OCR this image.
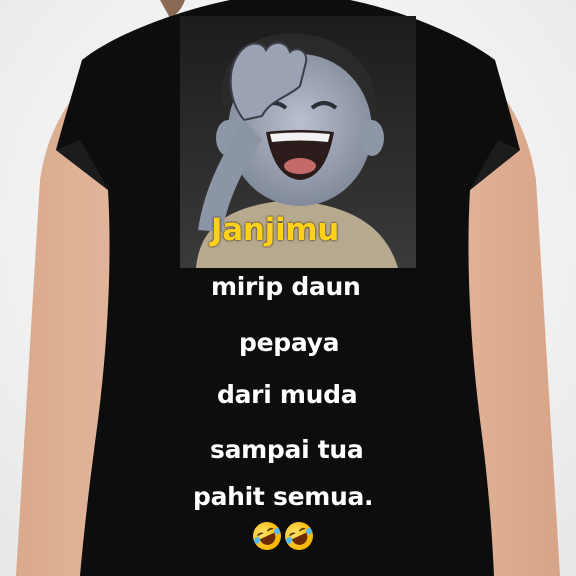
Janjimu
mirip daun
pepaya
dari muda
sampai tua
pahit semua.
